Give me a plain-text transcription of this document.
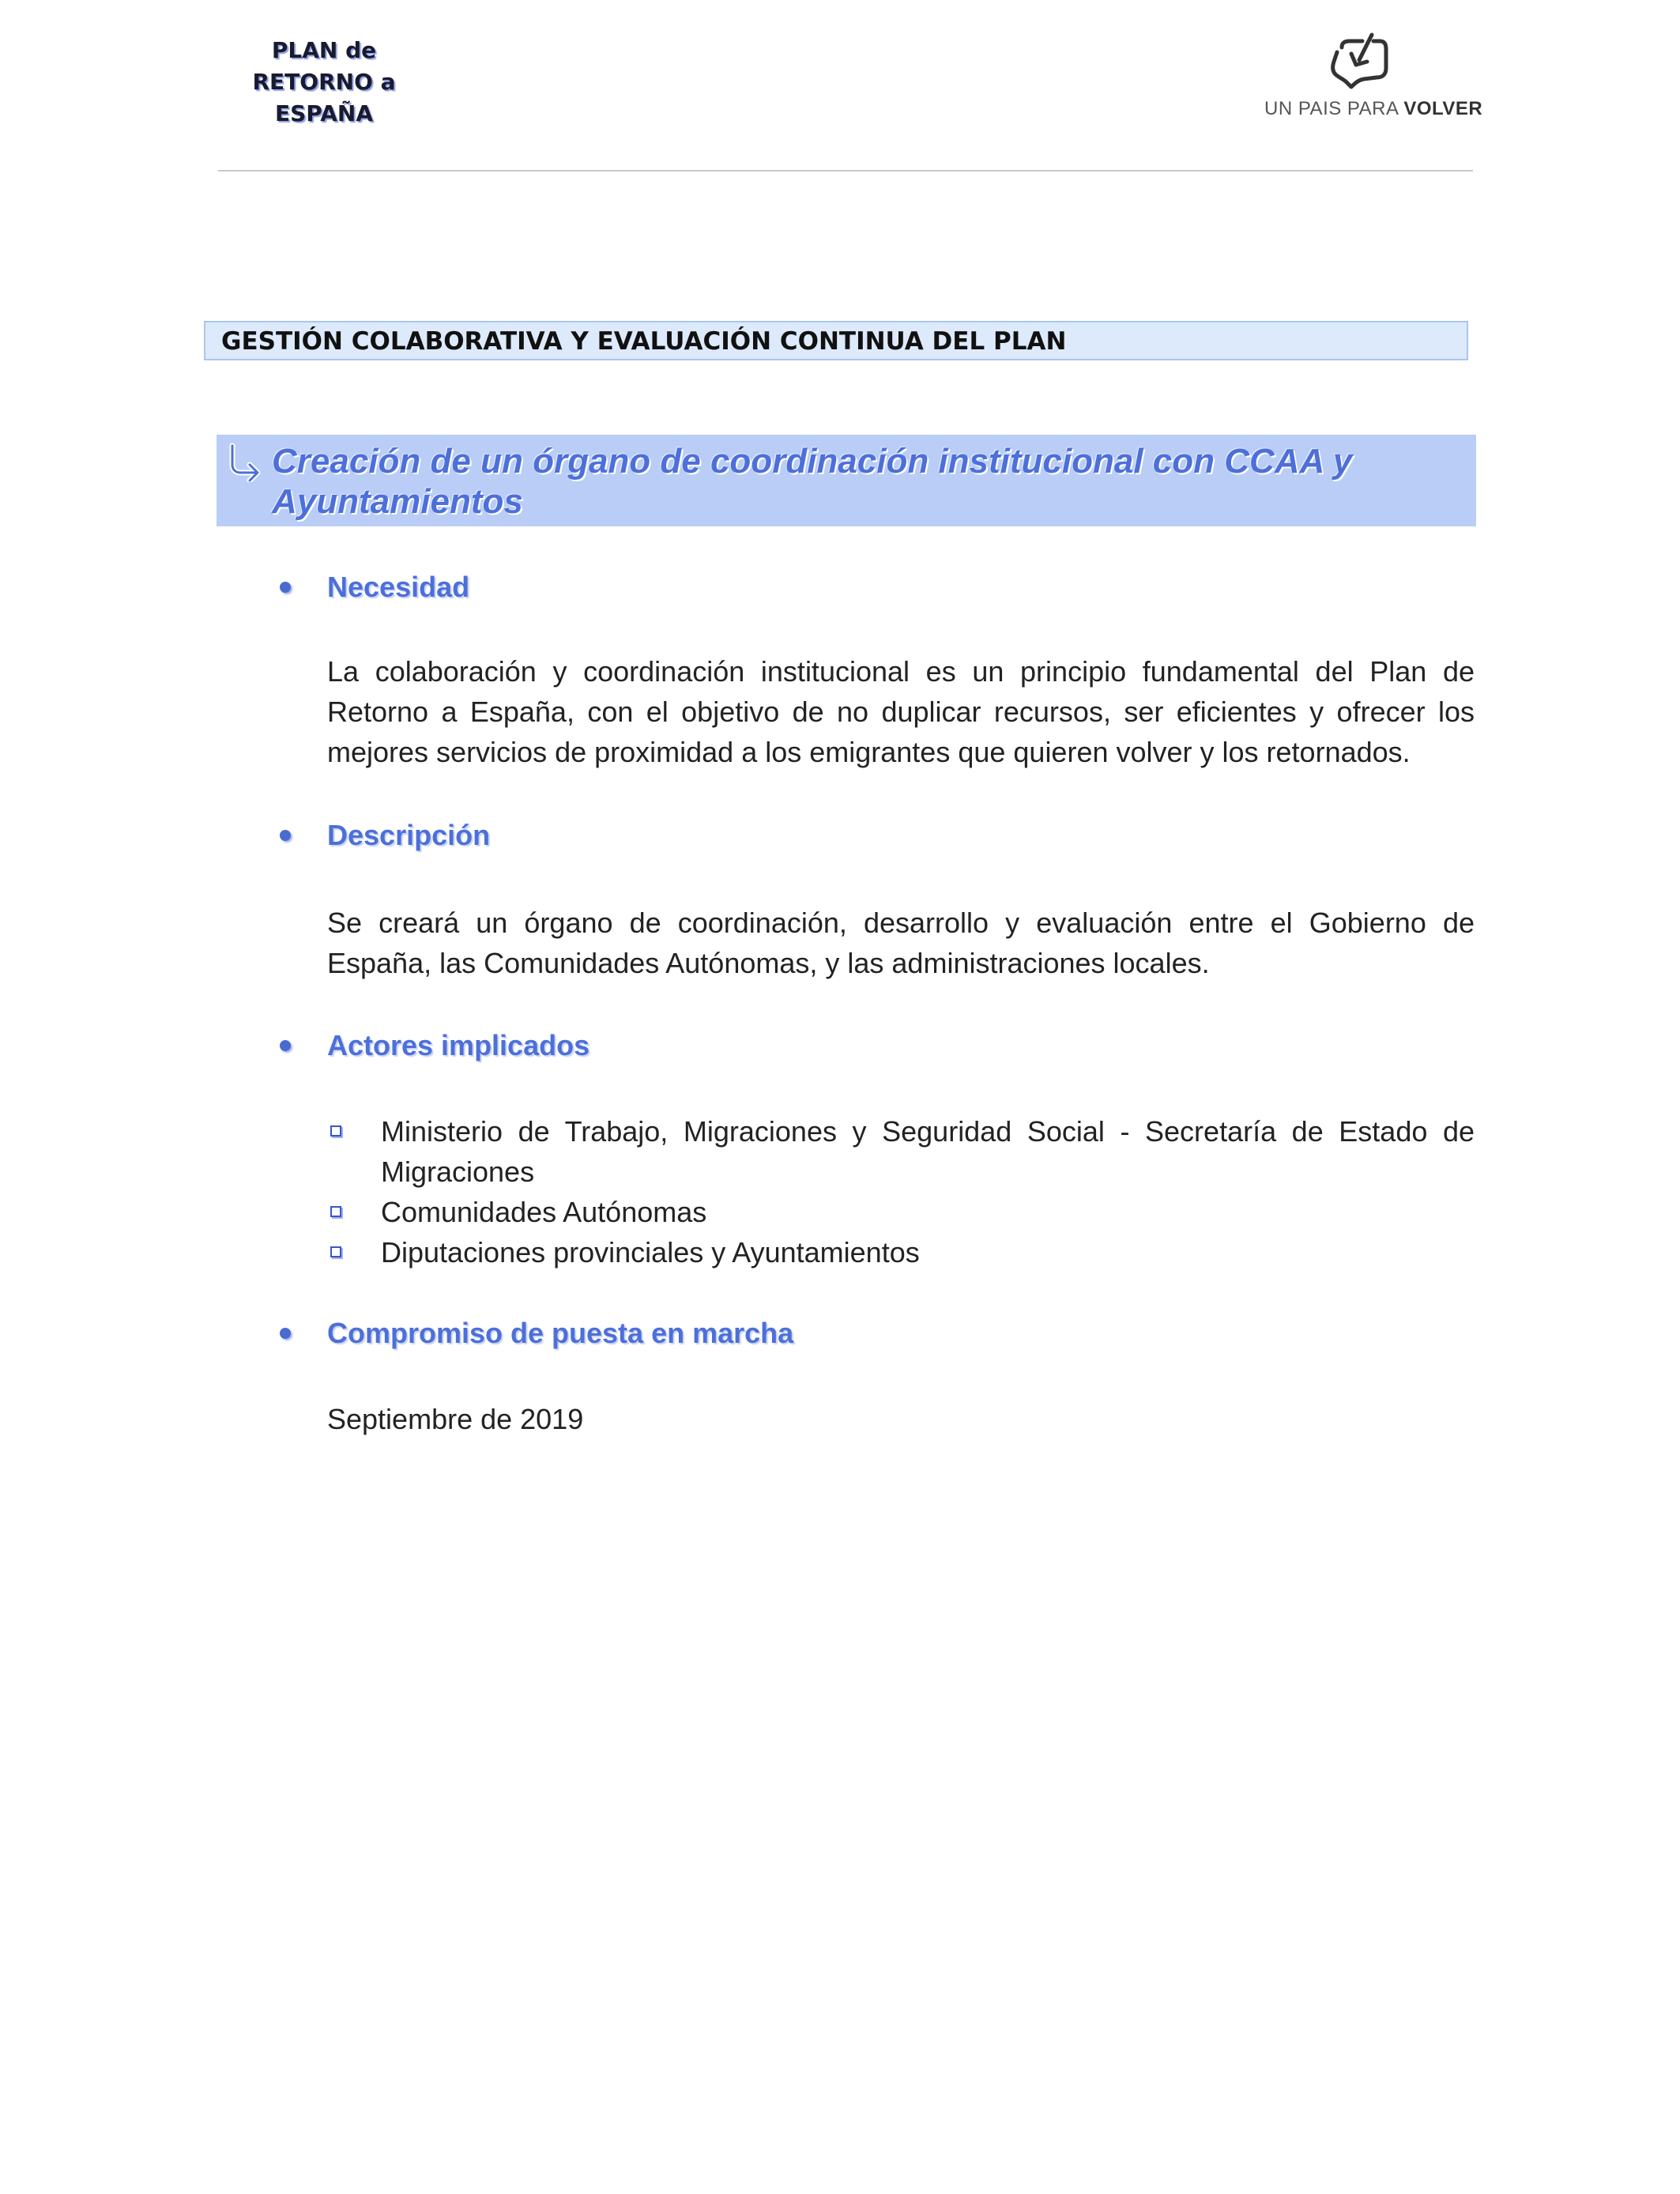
PLAN de
RETORNO a
ESPAÑA	UN PAIS PARA VOLVER
GESTIÓN COLABORATIVA Y EVALUACIÓN CONTINUA DEL PLAN
Creación de un órgano de coordinación institucional con CCAA y
Ayuntamientos
Necesidad
La colaboración y coordinación institucional es un principio fundamental del Plan de Retorno a España, con el objetivo de no duplicar recursos, ser eficientes y ofrecer los mejores servicios de proximidad a los emigrantes que quieren volver y los retornados.
Descripción
Se creará un órgano de coordinación, desarrollo y evaluación entre el Gobierno de España, las Comunidades Autónomas, y las administraciones locales.
Actores implicados
Ministerio de Trabajo, Migraciones y Seguridad Social - Secretaría de Estado de Migraciones
Comunidades Autónomas
Diputaciones provinciales y Ayuntamientos
Compromiso de puesta en marcha
Septiembre de 2019
